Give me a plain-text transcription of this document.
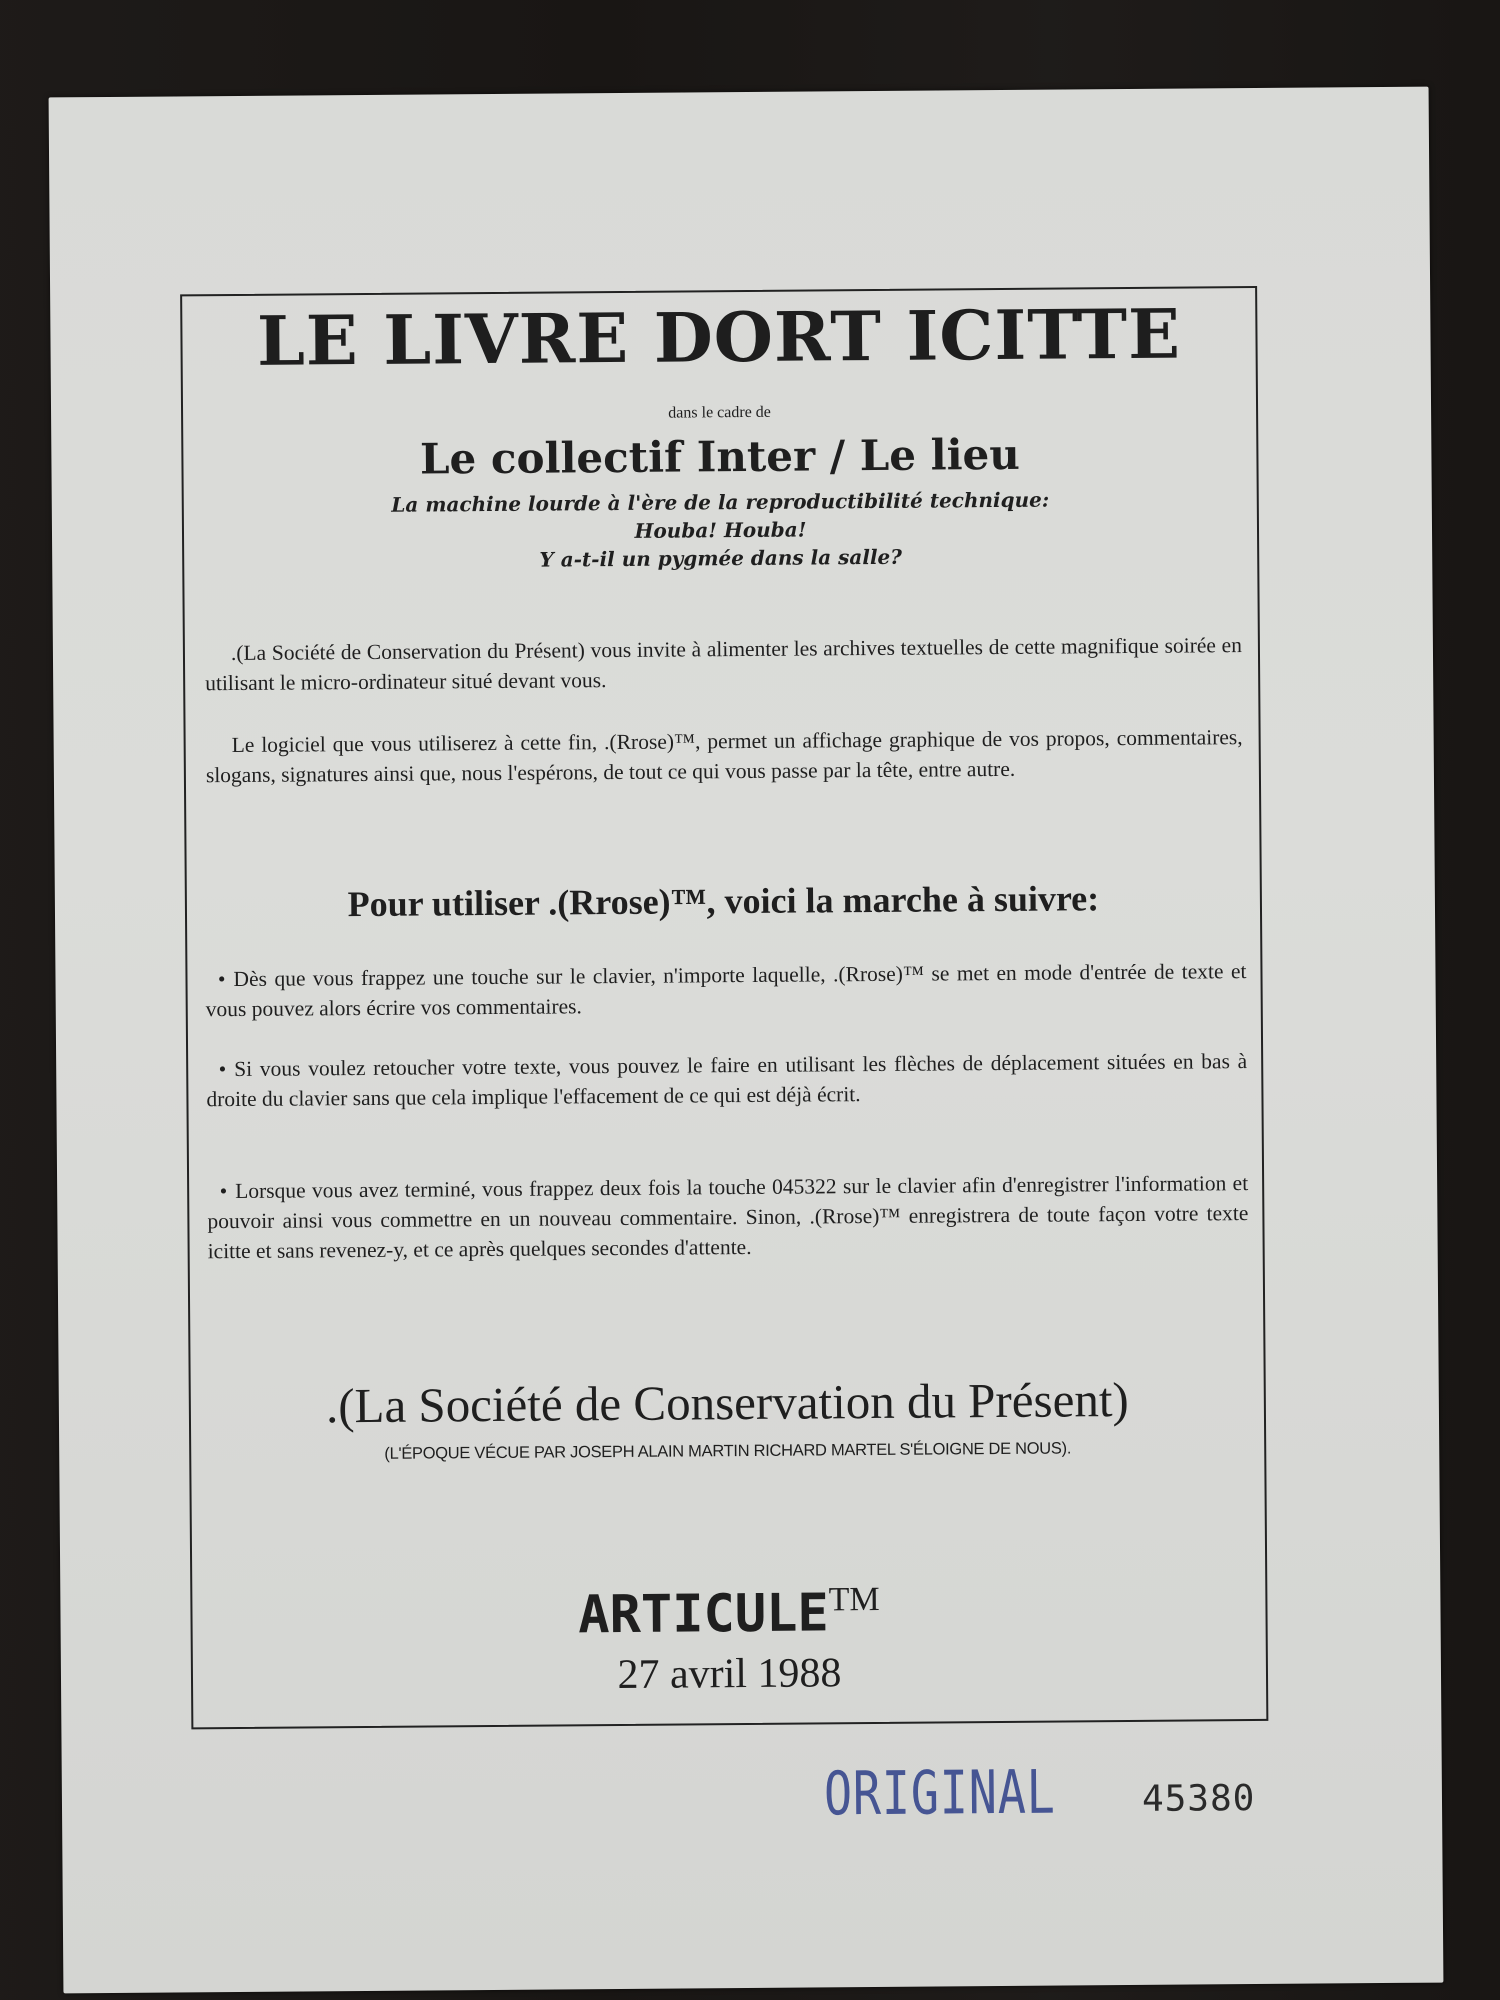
LE LIVRE DORT ICITTE

dans le cadre de

Le collectif Inter / Le lieu

La machine lourde à l'ère de la reproductibilité technique:

Houba! Houba!

Y a-t-il un pygmée dans la salle?

.(La Société de Conservation du Présent) vous invite à alimenter les archives textuelles de cette magnifique soirée en utilisant le micro-ordinateur situé devant vous.

Le logiciel que vous utiliserez à cette fin, .(Rrose)™, permet un affichage graphique de vos propos, commentaires, slogans, signatures ainsi que, nous l'espérons, de tout ce qui vous passe par la tête, entre autre.

Pour utiliser .(Rrose)™, voici la marche à suivre:

• Dès que vous frappez une touche sur le clavier, n'importe laquelle, .(Rrose)™ se met en mode d'entrée de texte et vous pouvez alors écrire vos commentaires.

• Si vous voulez retoucher votre texte, vous pouvez le faire en utilisant les flèches de déplacement situées en bas à droite du clavier sans que cela implique l'effacement de ce qui est déjà écrit.

• Lorsque vous avez terminé, vous frappez deux fois la touche 045322 sur le clavier afin d'enregistrer l'information et pouvoir ainsi vous commettre en un nouveau commentaire. Sinon, .(Rrose)™ enregistrera de toute façon votre texte icitte et sans revenez-y, et ce après quelques secondes d'attente.

.(La Société de Conservation du Présent)

(L'ÉPOQUE VÉCUE PAR JOSEPH ALAIN MARTIN RICHARD MARTEL S'ÉLOIGNE DE NOUS).

ARTICULE™

27 avril 1988

ORIGINAL 45380
